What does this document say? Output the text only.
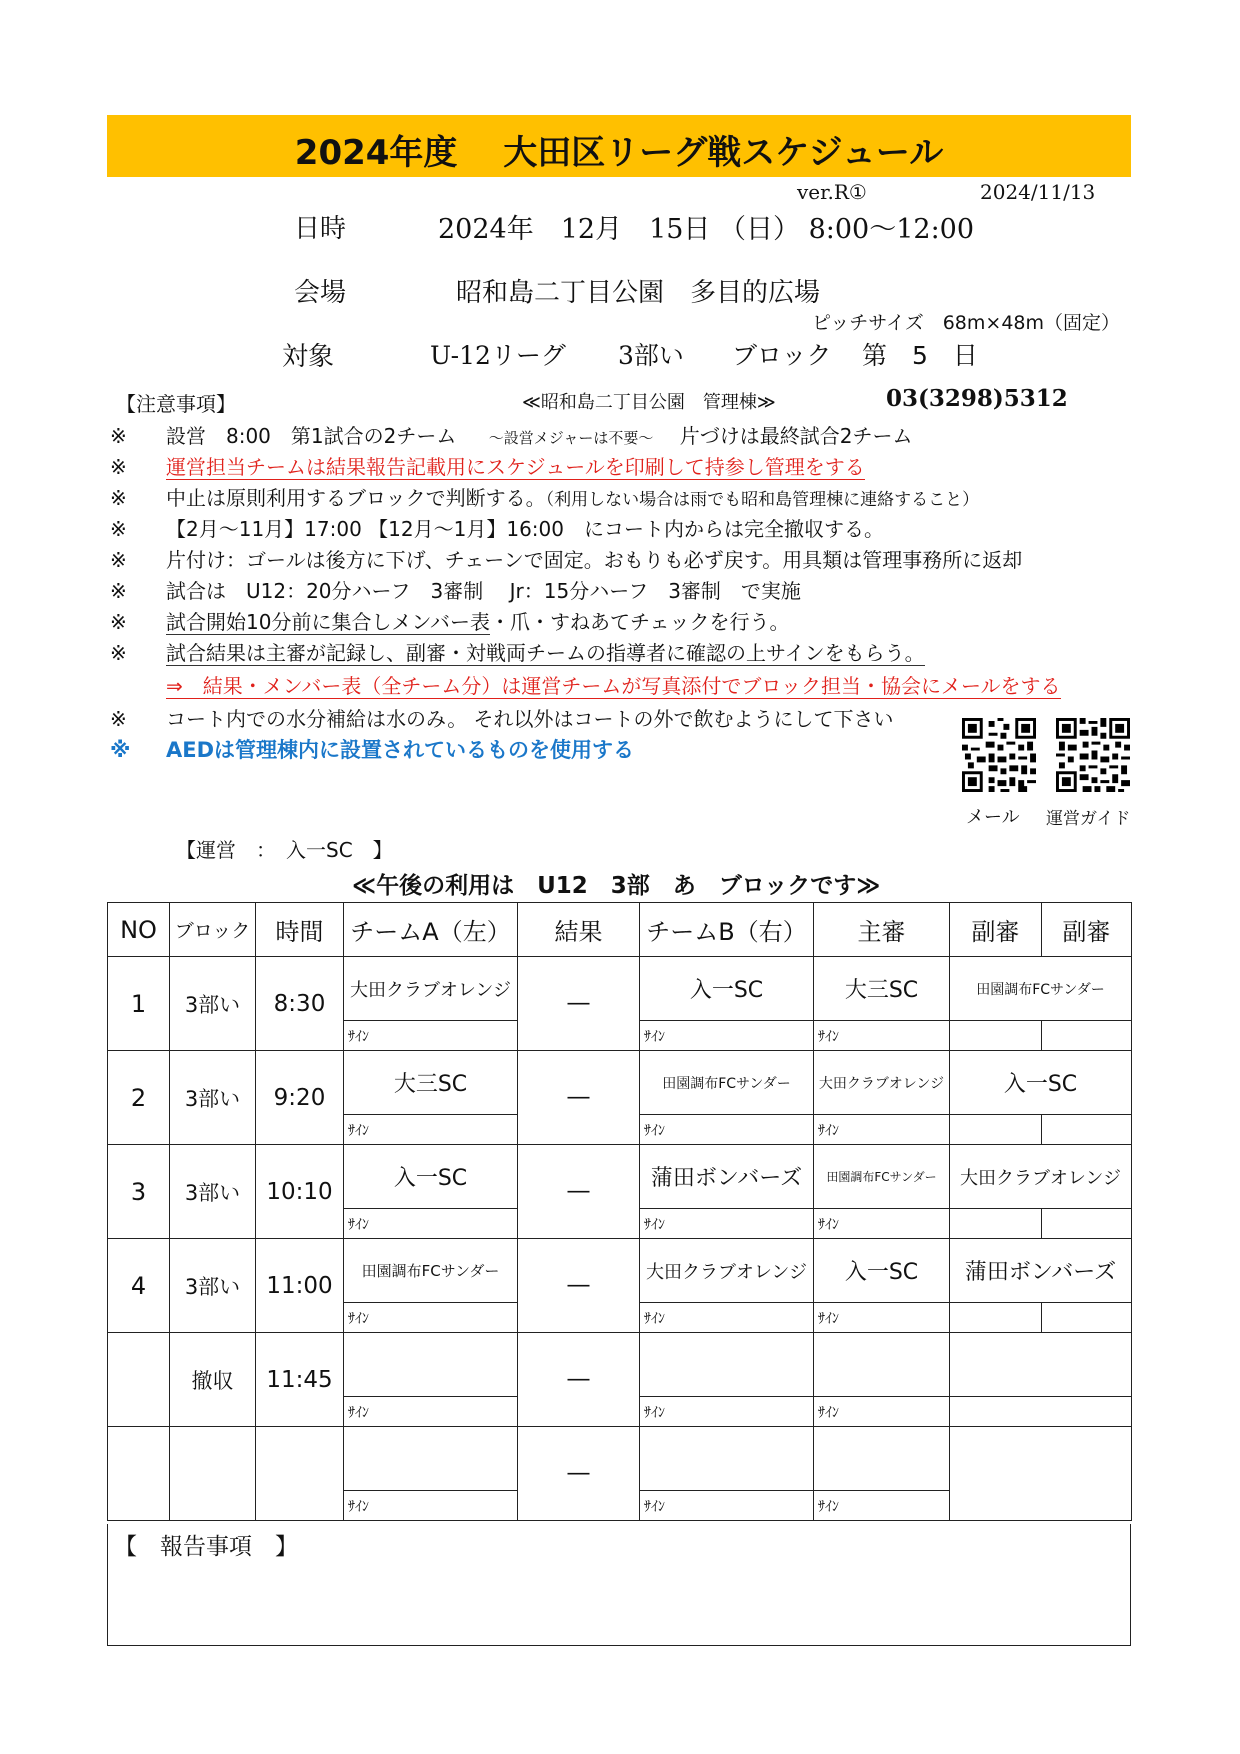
2024年度　 大田区リーグ戦スケジュール
ver.R①	2024/11/13
日時	2024年　12月　15日 （日） 8:00～12:00
会場	昭和島二丁目公園　多目的広場
ピッチサイズ　68m×48m（固定）
対象	U-12リーグ 3部い ブロック 第　5　日
【注意事項】	≪昭和島二丁目公園　管理棟≫	03(3298)5312
※ 設営　8:00　第1試合の2チーム ～設営メジャーは不要～ 片づけは最終試合2チーム
※ 運営担当チームは結果報告記載用にスケジュールを印刷して持参し管理をする
※ 中止は原則利用するブロックで判断する。（利用しない場合は雨でも昭和島管理棟に連絡すること）
※ 【2月～11月】17:00 【12月～1月】16:00　にコート内からは完全撤収する。
※ 片付け：ゴールは後方に下げ、チェーンで固定。おもりも必ず戻す。用具類は管理事務所に返却
※ 試合は　U12：20分ハーフ　3審制　 Jr：15分ハーフ　3審制　で実施
※ 試合開始10分前に集合しメンバー表・爪・すねあてチェックを行う。
※ 試合結果は主審が記録し、副審・対戦両チームの指導者に確認の上サインをもらう。
⇒　結果・メンバー表（全チーム分）は運営チームが写真添付でブロック担当・協会にメールをする
※ コート内での水分補給は水のみ。 それ以外はコートの外で飲むようにして下さい
※ AEDは管理棟内に設置されているものを使用する
メール 運営ガイド
【運営　：　入一SC　】
≪午後の利用は　U12　3部　あ　ブロックです≫
NO	ブロック	時間	チームA（左）	結果	チームB（右）	主審	副審	副審
1	3部い	8:30	大田クラブオレンジ	―	入一SC	大三SC	田園調布FCサンダー	
			ｻｲﾝ		ｻｲﾝ	ｻｲﾝ		
2	3部い	9:20	大三SC	―	田園調布FCサンダー	大田クラブオレンジ	入一SC	
			ｻｲﾝ		ｻｲﾝ	ｻｲﾝ		
3	3部い	10:10	入一SC	―	蒲田ボンバーズ	田園調布FCサンダー	大田クラブオレンジ	
			ｻｲﾝ		ｻｲﾝ	ｻｲﾝ		
4	3部い	11:00	田園調布FCサンダー	―	大田クラブオレンジ	入一SC	蒲田ボンバーズ	
			ｻｲﾝ		ｻｲﾝ	ｻｲﾝ		
	撤収	11:45		―				
			ｻｲﾝ		ｻｲﾝ	ｻｲﾝ		
				―				
			ｻｲﾝ		ｻｲﾝ	ｻｲﾝ		
【　報告事項　】
